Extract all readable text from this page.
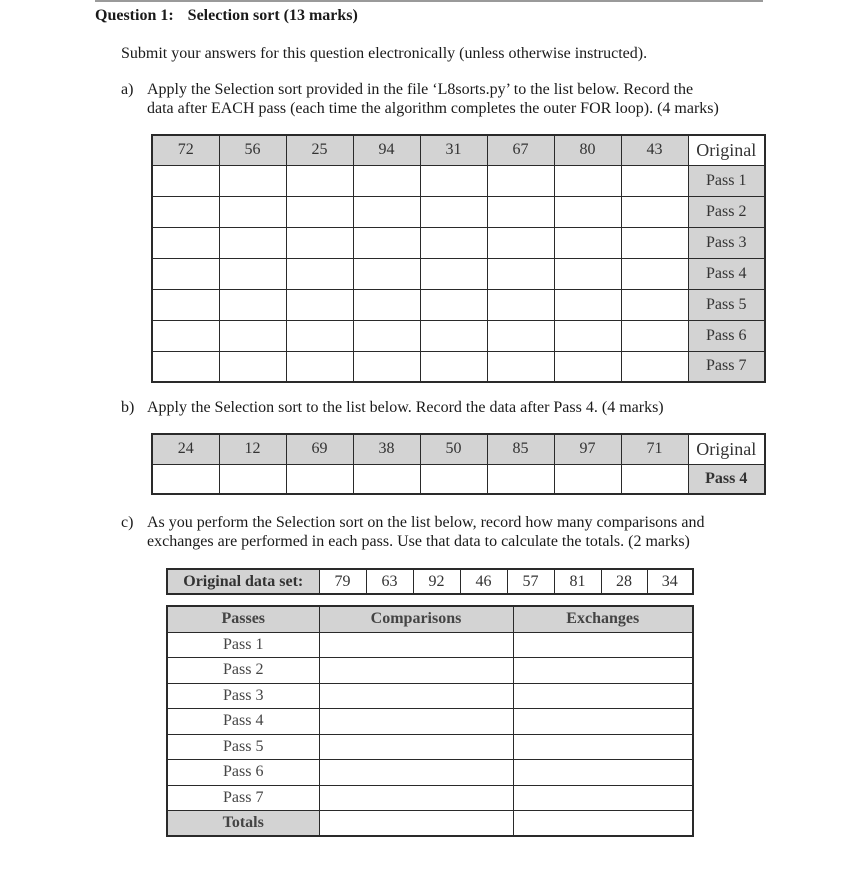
Question 1: Selection sort (13 marks)
Submit your answers for this question electronically (unless otherwise instructed).
a) Apply the Selection sort provided in the file ‘L8sorts.py’ to the list below. Record the
data after EACH pass (each time the algorithm completes the outer FOR loop). (4 marks)
72	56	25	94	31	67	80	43	Original
								Pass 1
								Pass 2
								Pass 3
								Pass 4
								Pass 5
								Pass 6
								Pass 7
b) Apply the Selection sort to the list below. Record the data after Pass 4. (4 marks)
24	12	69	38	50	85	97	71	Original
								Pass 4
c) As you perform the Selection sort on the list below, record how many comparisons and
exchanges are performed in each pass. Use that data to calculate the totals. (2 marks)
Original data set:	79	63	92	46	57	81	28	34
Passes	Comparisons	Exchanges
Pass 1		
Pass 2		
Pass 3		
Pass 4		
Pass 5		
Pass 6		
Pass 7		
Totals		
